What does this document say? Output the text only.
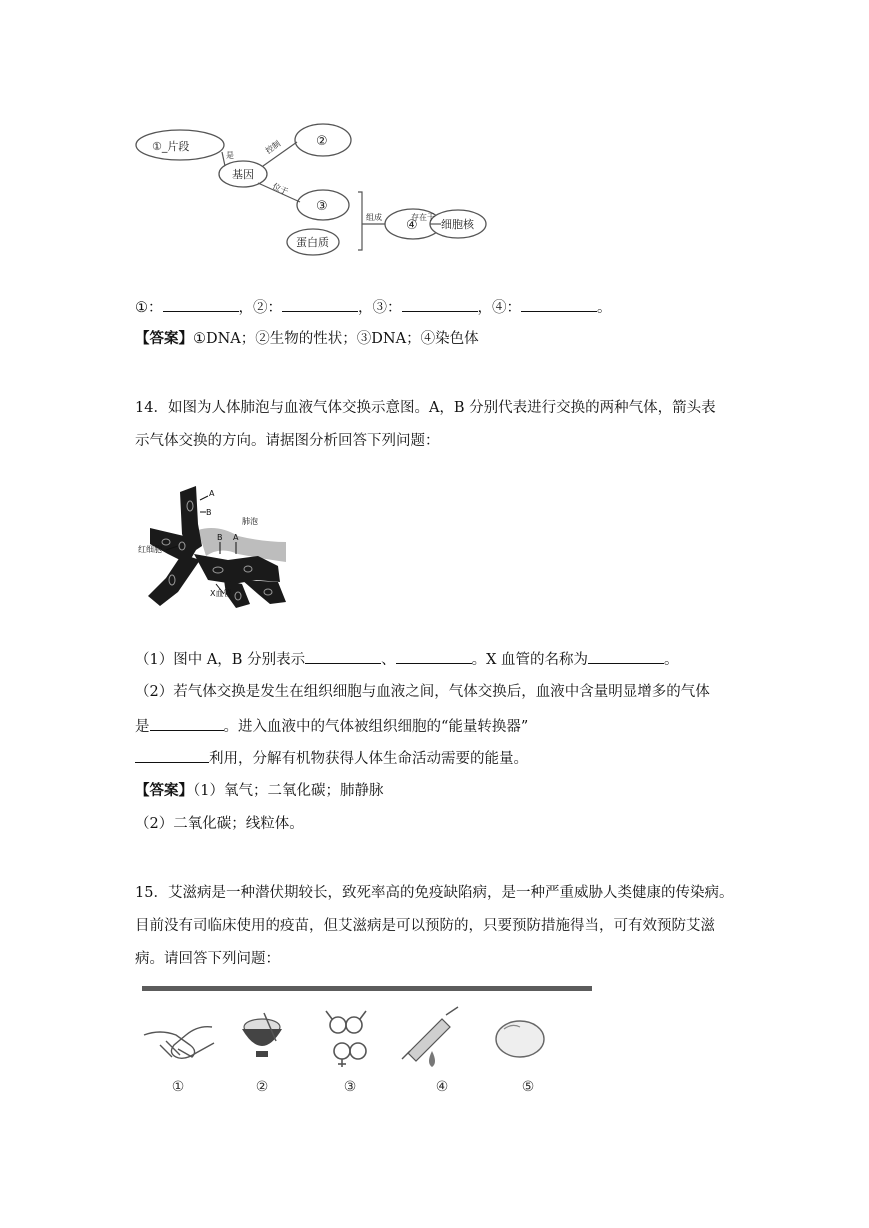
①_片段	②
基因
③
蛋白质
④ 细胞核
是	控制
位于
组成	存在于
①：	，②：	，③：	，④：	。
【答案】①DNA；②生物的性状；③DNA；④染色体
14．如图为人体肺泡与血液气体交换示意图。A，B 分别代表进行交换的两种气体，箭头表
示气体交换的方向。请据图分析回答下列问题：
A
B
肺泡
红细胞
B A
X血管
（1）图中 A，B 分别表示	、	。X 血管的名称为	。
（2）若气体交换是发生在组织细胞与血液之间，气体交换后，血液中含量明显增多的气体
是	。进入血液中的气体被组织细胞的“能量转换器”
利用，分解有机物获得人体生命活动需要的能量。
【答案】（1）氧气；二氧化碳；肺静脉
（2）二氧化碳；线粒体。
15．艾滋病是一种潜伏期较长，致死率高的免疫缺陷病，是一种严重威胁人类健康的传染病。
目前没有司临床使用的疫苗，但艾滋病是可以预防的，只要预防措施得当，可有效预防艾滋
病。请回答下列问题：
①	②	③	④	⑤
